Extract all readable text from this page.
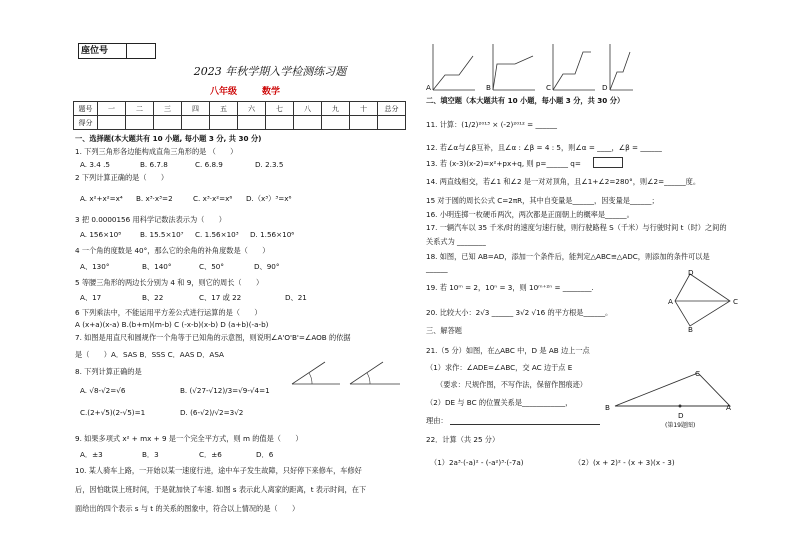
座位号
2023 年秋学期入学检测练习题
八年级	数学
题号	一	二	三	四	五	六	七	八	九	十	总分
得分											
一、选择题(本大题共有 10 小题, 每小题 3 分, 共 30 分)
1. 下列三角形各边能构成直角三角形的是 （　　）
A. 3.4 .5	B. 6.7.8	C. 6.8.9	D. 2.3.5
2 下列计算正确的是（　　）
A. x²+x²=x⁴ B. x³·x³=2	C. x³·x²=x⁶ D.（x³）³=x⁶
3 把 0.0000156 用科学记数法表示为（　　）
A. 156×10⁸	B. 15.5×10⁷ C. 1.56×10³ D. 1.56×10⁶
4 一个角的度数是 40°，那么它的余角的补角度数是（　　）
A、130°	B、140°	C、50°	D、90°
5 等腰三角形的两边长分别为 4 和 9，则它的周长（　　）
A、17	B、22	C、17 或 22	D、21
6 下列乘法中，不能运用平方差公式进行运算的是（　　）
A (x+a)(x-a) B.(b+m)(m-b) C (-x-b)(x-b) D (a+b)(-a-b)
7. 如图是用直尺和圆规作一个角等于已知角的示意图，则说明∠A'O'B'=∠AOB 的依据
是（　　）A．SAS B．SSS C．AAS D．ASA
8. 下列计算正确的是
A. √8-√2=√6	B. (√27-√12)/3=√9-√4=1
C.(2+√5)(2-√5)=1	D. (6-√2)/√2=3√2
9. 如果多项式 x² + mx + 9 是一个完全平方式，则 m 的值是（　　）
A．±3	B．3	C．±6	D．6
10. 某人骑车上路，一开始以某一速度行进，途中车子发生故障，只好停下来修车，车修好
后，因怕耽误上班时间，于是就加快了车速. 如图 s 表示此人离家的距离，t 表示时间，在下
面给出的四个表示 s 与 t 的关系的图象中，符合以上情况的是（　　）
A	B	C	D
二、填空题（本大题共有 10 小题，每小题 3 分，共 30 分）
11. 计算：(1/2)²⁰¹³ × (-2)²⁰¹² = ______
12. 若∠α与∠β互补，且∠α : ∠β = 4 : 5，则∠α = ____，∠β = ______
13. 若 (x-3)(x-2)=x²+px+q, 则 p=______ q=
14. 两直线相交，若∠1 和∠2 是一对对顶角，且∠1+∠2=280°，则∠2=______度。
15 对于圆的周长公式 C=2πR，其中自变量是______，因变量是______；
16. 小明连掷一枚硬币两次，两次都是正面朝上的概率是______。
17. 一辆汽车以 35 千米/时的速度匀速行驶，则行驶路程 S（千米）与行驶时间 t（时）之间的
关系式为 ________
18. 如图，已知 AB=AD，添加一个条件后，能判定△ABC≌△ADC，则添加的条件可以是
______	D
A	C
B
19. 若 10ᵐ = 2，10ⁿ = 3，则 10ᵐ⁺²ⁿ = ________.
20. 比较大小：2√3 ______ 3√2 √16 的平方根是______。
三、解答题
21.（5 分）如图，在△ABC 中，D 是 AB 边上一点
（1）求作：∠ADE=∠ABC，交 AC 边于点 E
（要求：尺规作图，不写作法，保留作图痕迹）
（2）DE 与 BC 的位置关系是____________，
理由：
A
B
C
D
(第19题图)
22．计算（共 25 分）
（1）2a³·(-a)² - (-a²)³·(-7a)	（2）(x + 2)² - (x + 3)(x - 3)
